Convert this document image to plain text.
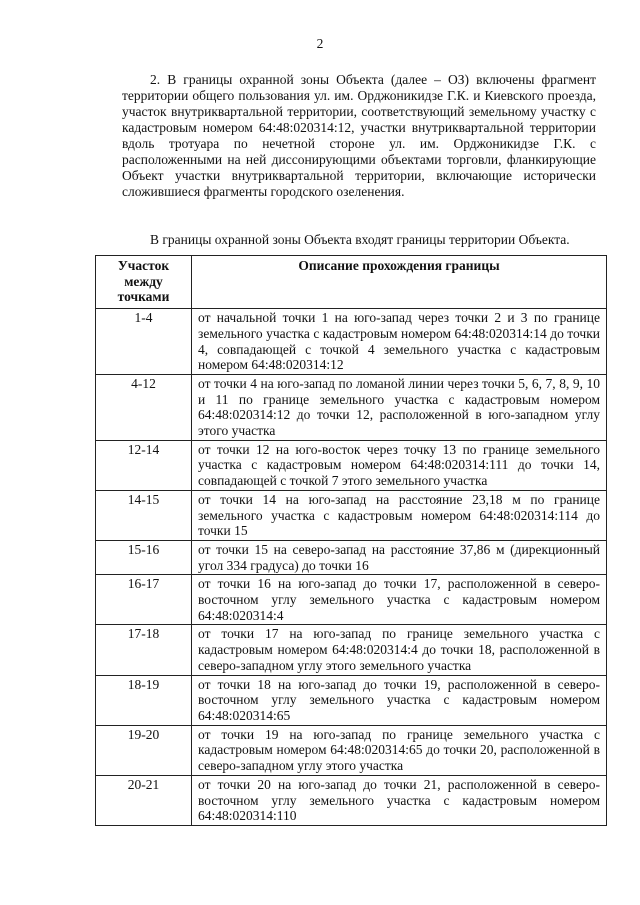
2

2. В границы охранной зоны Объекта (далее – ОЗ) включены фрагмент территории общего пользования ул. им. Орджоникидзе Г.К. и Киевского проезда, участок внутриквартальной территории, соответствующий земельному участку с кадастровым номером 64:48:020314:12, участки внутриквартальной территории вдоль тротуара по нечетной стороне ул. им. Орджоникидзе Г.К. с расположенными на ней диссонирующими объектами торговли, фланкирующие Объект участки внутриквартальной территории, включающие исторически сложившиеся фрагменты городского озеленения.

В границы охранной зоны Объекта входят границы территории Объекта.

Участок между точками	Описание прохождения границы
1-4	от начальной точки 1 на юго-запад через точки 2 и 3 по границе земельного участка с кадастровым номером 64:48:020314:14 до точки 4, совпадающей с точкой 4 земельного участка с кадастровым номером 64:48:020314:12
4-12	от точки 4 на юго-запад по ломаной линии через точки 5, 6, 7, 8, 9, 10 и 11 по границе земельного участка с кадастровым номером 64:48:020314:12 до точки 12, расположенной в юго-западном углу этого участка
12-14	от точки 12 на юго-восток через точку 13 по границе земельного участка с кадастровым номером 64:48:020314:111 до точки 14, совпадающей с точкой 7 этого земельного участка
14-15	от точки 14 на юго-запад на расстояние 23,18 м по границе земельного участка с кадастровым номером 64:48:020314:114 до точки 15
15-16	от точки 15 на северо-запад на расстояние 37,86 м (дирекционный угол 334 градуса) до точки 16
16-17	от точки 16 на юго-запад до точки 17, расположенной в северо-восточном углу земельного участка с кадастровым номером 64:48:020314:4
17-18	от точки 17 на юго-запад по границе земельного участка с кадастровым номером 64:48:020314:4 до точки 18, расположенной в северо-западном углу этого земельного участка
18-19	от точки 18 на юго-запад до точки 19, расположенной в северо-восточном углу земельного участка с кадастровым номером 64:48:020314:65
19-20	от точки 19 на юго-запад по границе земельного участка с кадастровым номером 64:48:020314:65 до точки 20, расположенной в северо-западном углу этого участка
20-21	от точки 20 на юго-запад до точки 21, расположенной в северо-восточном углу земельного участка с кадастровым номером 64:48:020314:110
